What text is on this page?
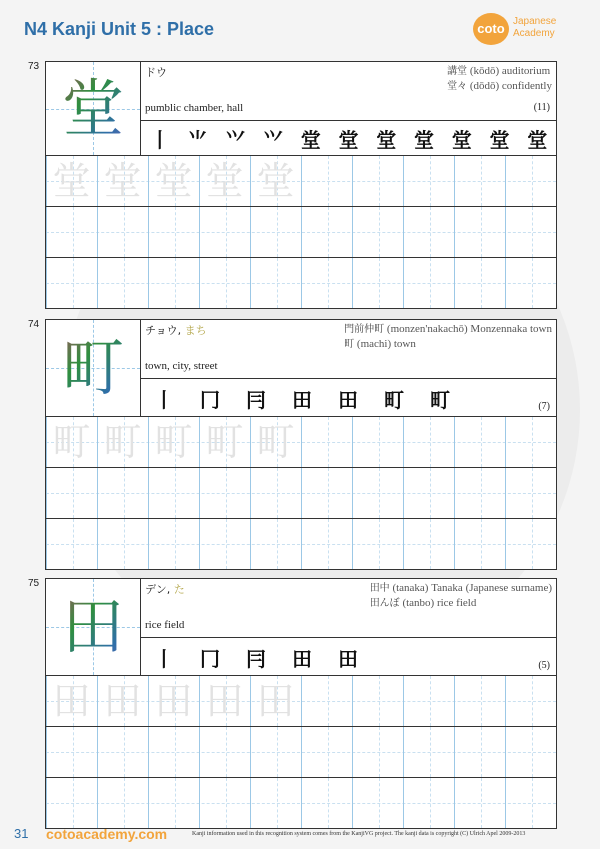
N4 Kanji Unit 5 : Place	coto Japanese
Academy
73
堂	ドウ
pumblic chamber, hall
講堂 (kōdō) auditorium
堂々 (dōdō) confidently
(11)
丨 ⺌ ⺍ ⺍ 堂 堂 堂 堂 堂 堂 堂
堂 堂 堂 堂 堂
74
町
チョウ, まち
town, city, street
門前仲町 (monzen'nakachō) Monzennaka town
町 (machi) town
丨	冂	冃	田	田	町	町	(7)
町 町 町 町 町
75
田
デン, た
rice field
田中 (tanaka) Tanaka (Japanese surname)
田んぼ (tanbo) rice field
丨	冂	冃	田	田	(5)
田 田 田 田 田
31 cotoacademy.com	Kanji information used in this recognition system comes from the KanjiVG project. The kanji data is copyright (C) Ulrich Apel 2009-2013
